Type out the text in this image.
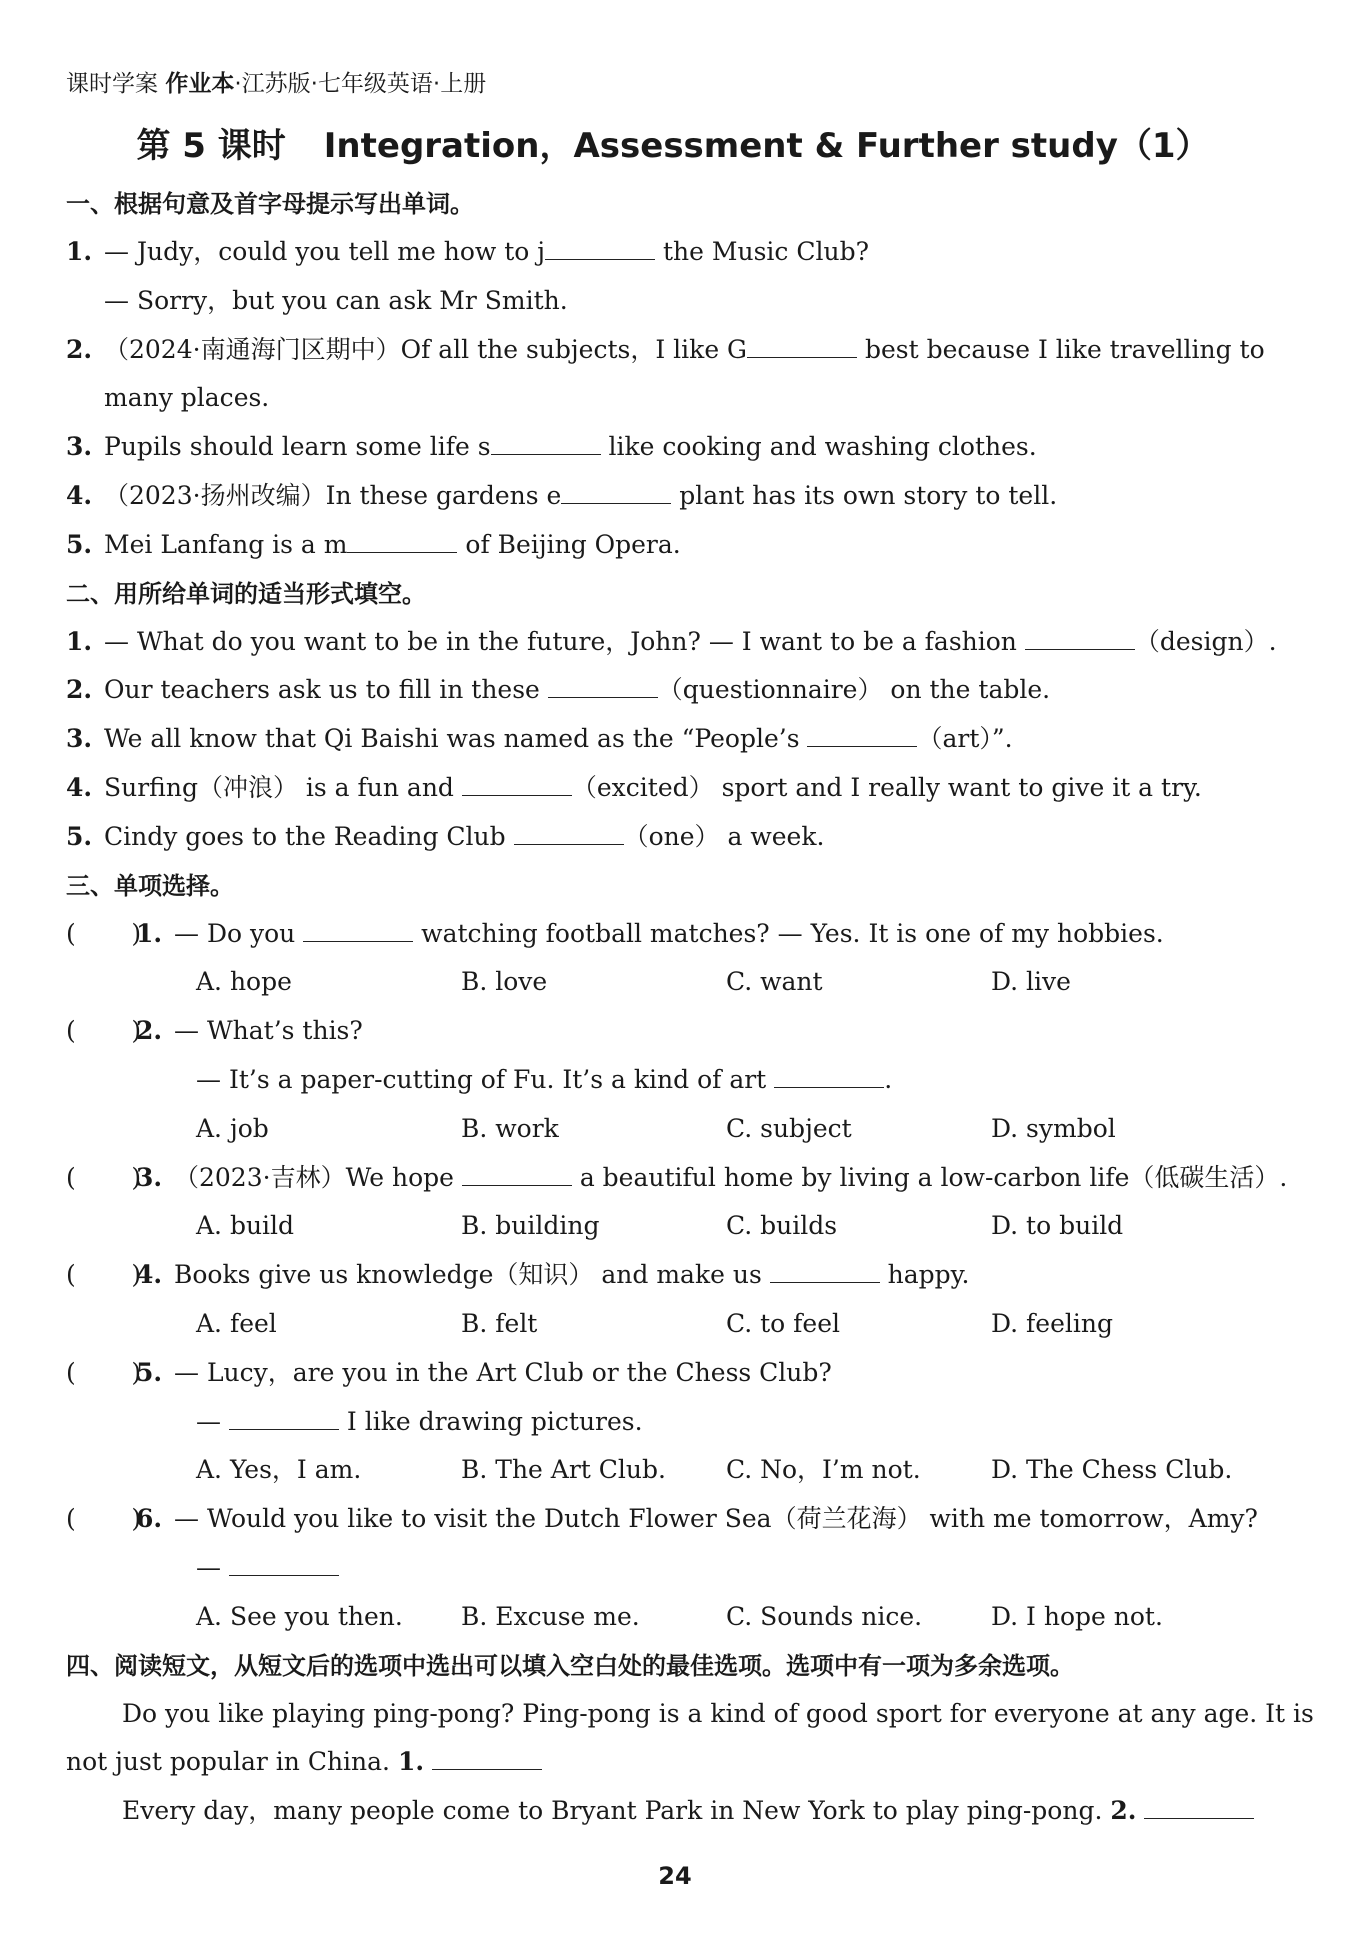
课时学案 作业本·江苏版·七年级英语·上册
第 5 课时 Integration，Assessment & Further study（1）
一、根据句意及首字母提示写出单词。
1. — Judy，could you tell me how to j	the Music Club?
— Sorry，but you can ask Mr Smith.
2. （2024·南通海门区期中）Of all the subjects，I like G	best because I like travelling to
many places.
3. Pupils should learn some life s	like cooking and washing clothes.
4. （2023·扬州改编）In these gardens e	plant has its own story to tell.
5. Mei Lanfang is a m	of Beijing Opera.
二、用所给单词的适当形式填空。
1. — What do you want to be in the future，John? — I want to be a fashion	（design）.
2. Our teachers ask us to fill in these	（questionnaire） on the table.
3. We all know that Qi Baishi was named as the “People’s	（art）”.
4. Surfing（冲浪） is a fun and	（excited） sport and I really want to give it a try.
5. Cindy goes to the Reading Club	（one） a week.
三、单项选择。
(       )1. — Do you	watching football matches? — Yes. It is one of my hobbies.
A. hope	B. love	C. want	D. live
(       )2. — What’s this?
— It’s a paper-cutting of Fu. It’s a kind of art	.
A. job	B. work	C. subject	D. symbol
(       )3. （2023·吉林）We hope	a beautiful home by living a low-carbon life（低碳生活）.
A. build	B. building	C. builds	D. to build
(       )4. Books give us knowledge（知识） and make us	happy.
A. feel	B. felt	C. to feel	D. feeling
(       )5. — Lucy，are you in the Art Club or the Chess Club?
—	I like drawing pictures.
A. Yes，I am.	B. The Art Club. C. No，I’m not.	D. The Chess Club.
(       )6. — Would you like to visit the Dutch Flower Sea（荷兰花海） with me tomorrow，Amy?
—
A. See you then. B. Excuse me.	C. Sounds nice.	D. I hope not.
四、阅读短文，从短文后的选项中选出可以填入空白处的最佳选项。选项中有一项为多余选项。
Do you like playing ping-pong? Ping-pong is a kind of good sport for everyone at any age. It is
not just popular in China. 1.
Every day，many people come to Bryant Park in New York to play ping-pong. 2.
24
